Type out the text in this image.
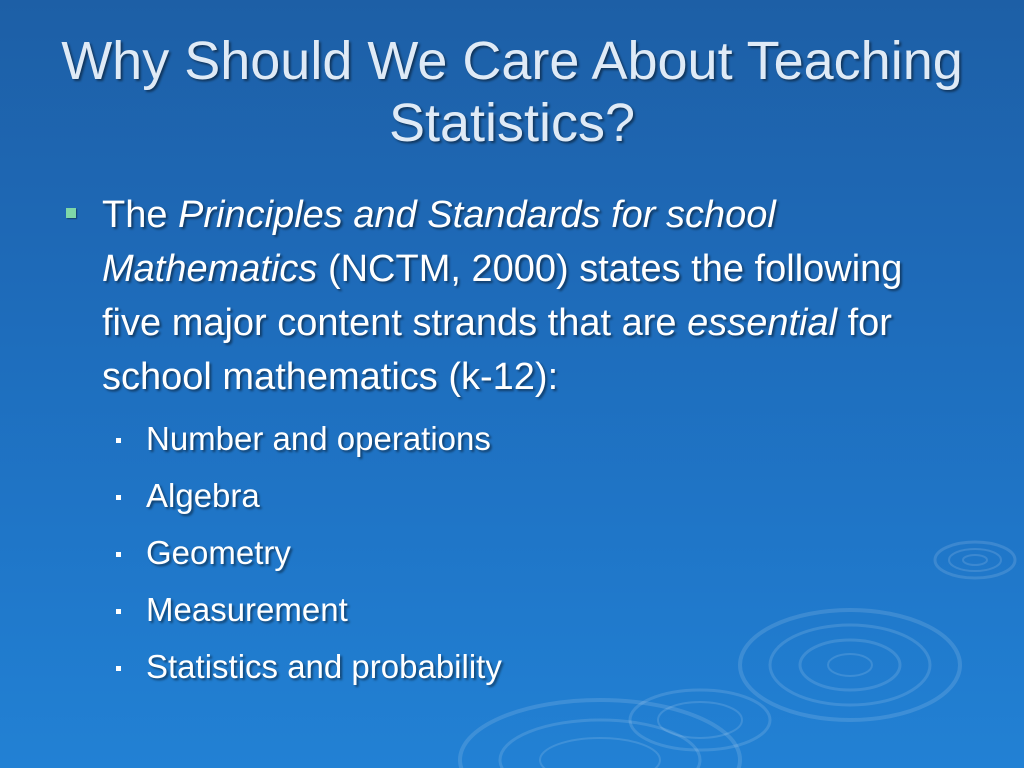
Why Should We Care About Teaching Statistics?
The Principles and Standards for school Mathematics (NCTM, 2000) states the following five major content strands that are essential for school mathematics (k-12):
Number and operations
Algebra
Geometry
Measurement
Statistics and probability
